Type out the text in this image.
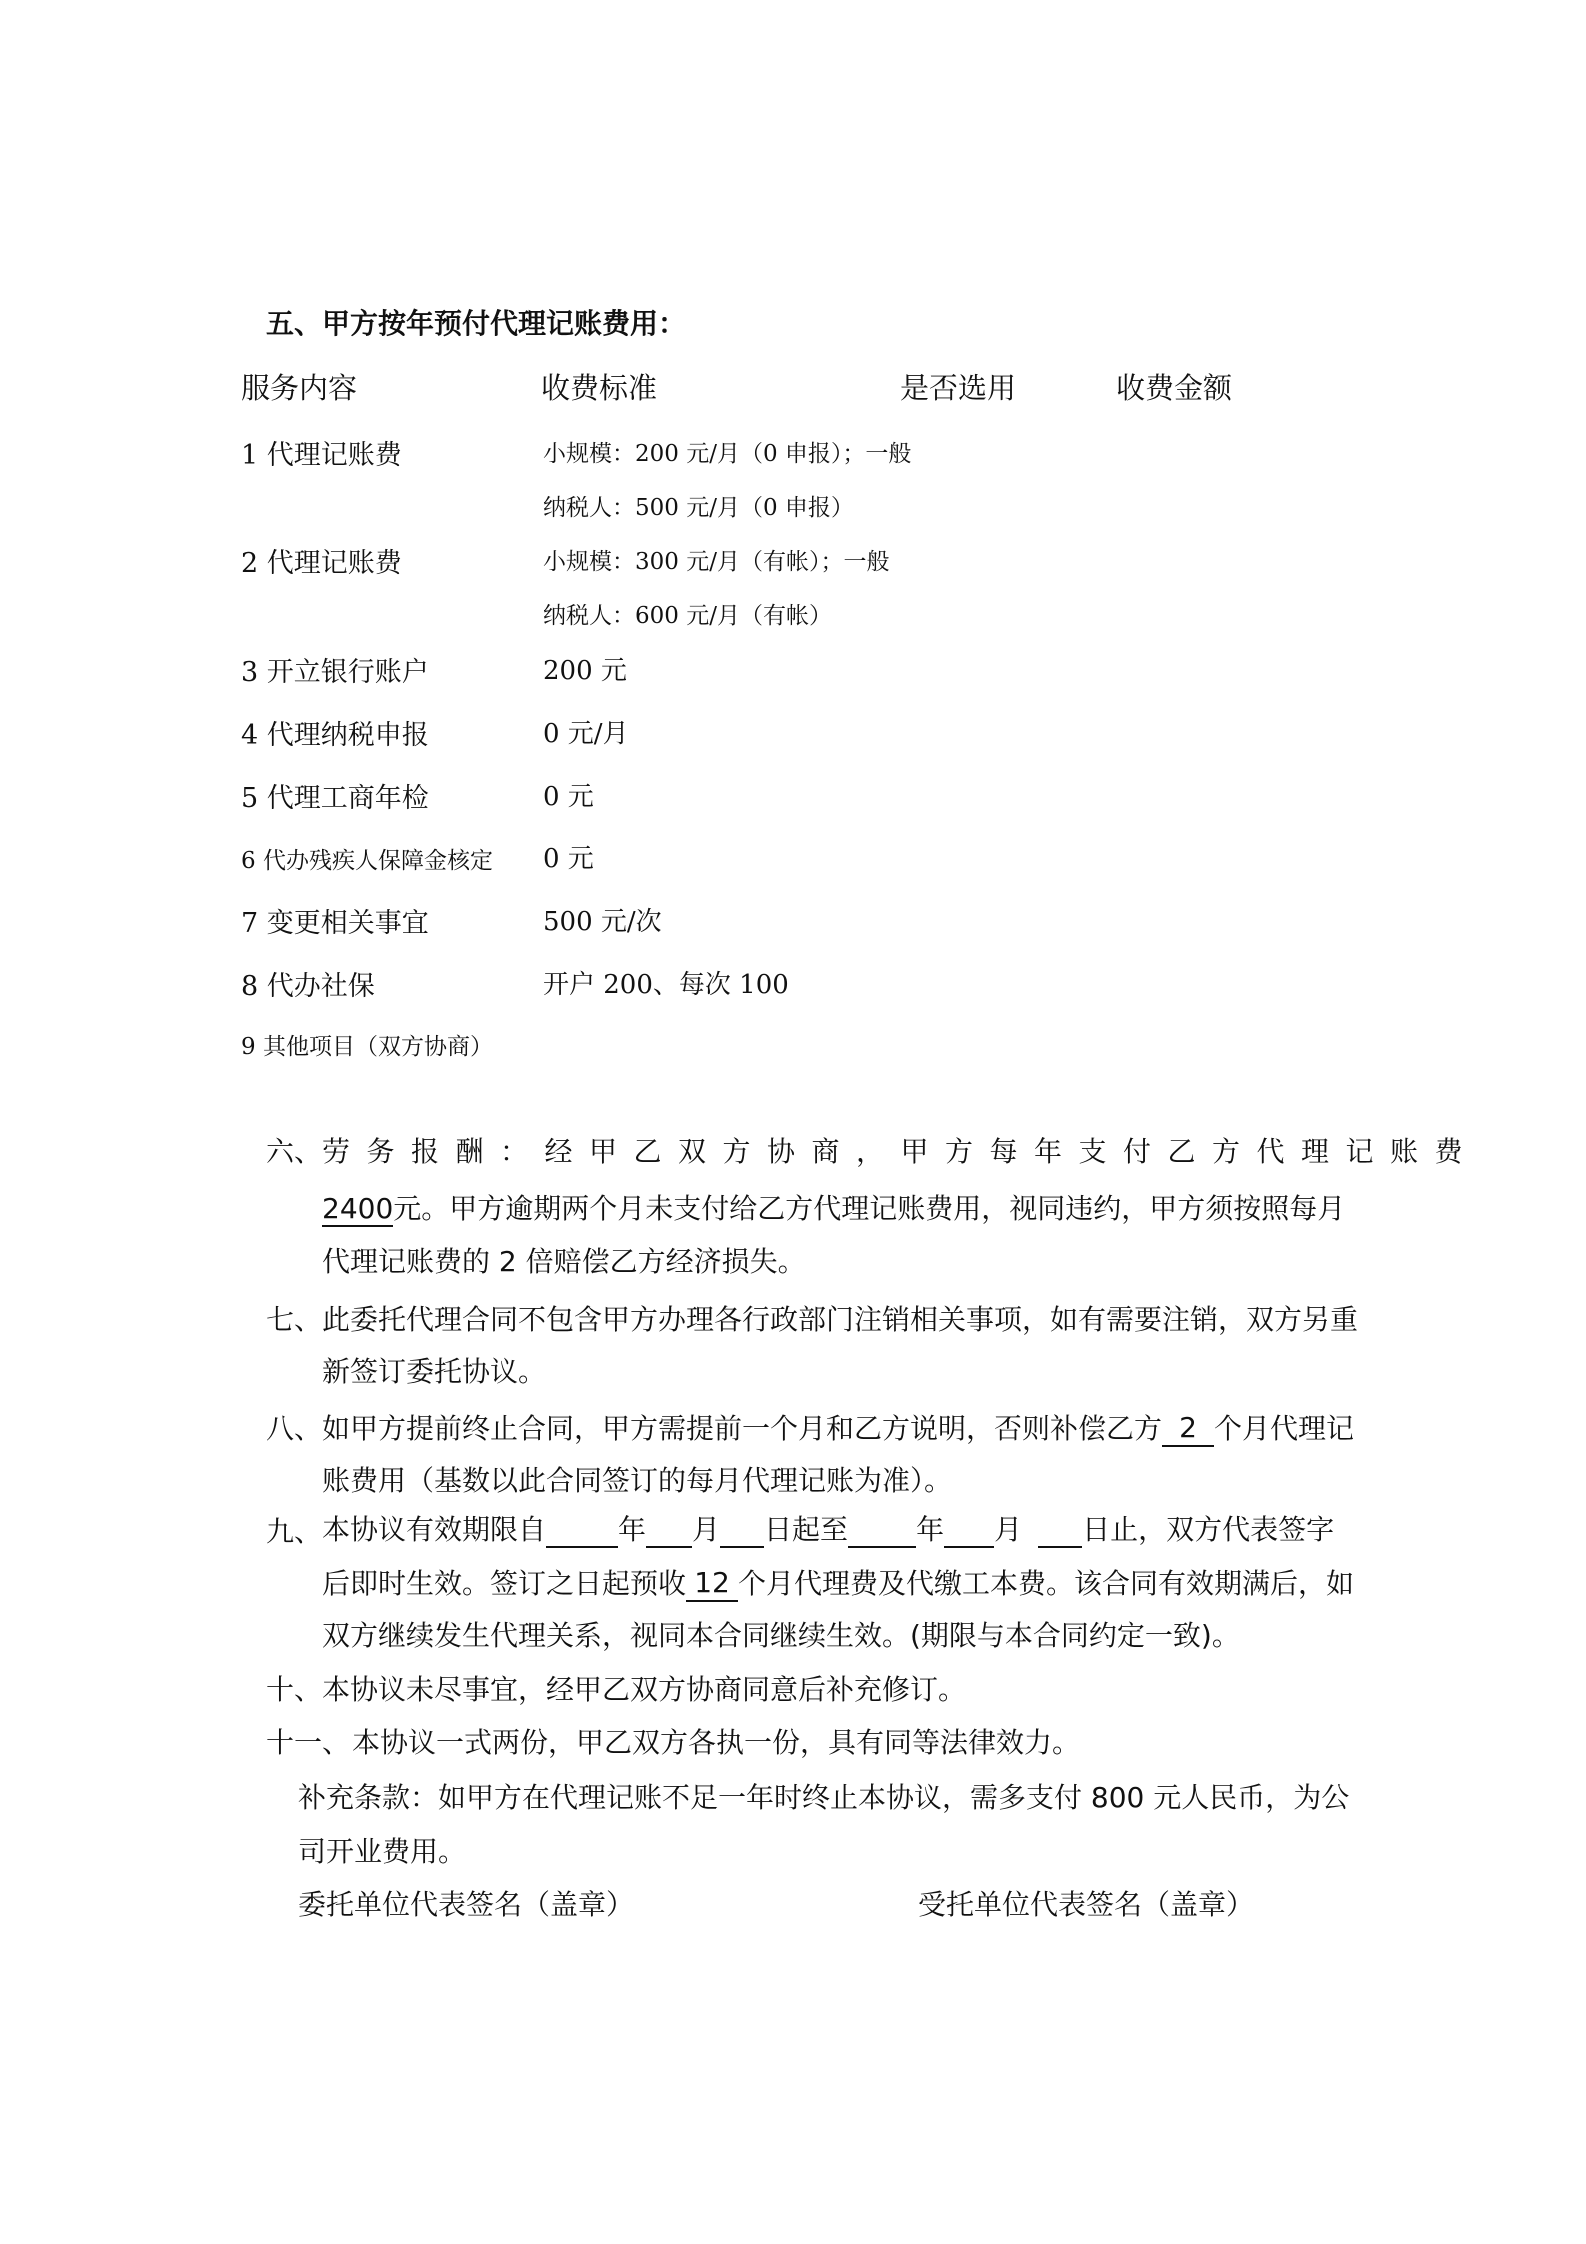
五、甲方按年预付代理记账费用：
服务内容	收费标准	是否选用	收费金额
1 代理记账费	小规模：200 元/月（0 申报）；一般
纳税人：500 元/月（0 申报）
2 代理记账费	小规模：300 元/月（有帐）；一般
纳税人：600 元/月（有帐）
3 开立银行账户	200 元
4 代理纳税申报	0 元/月
5 代理工商年检	0 元
6 代办残疾人保障金核定 0 元
7 变更相关事宜	500 元/次
8 代办社保	开户 200、每次 100
9 其他项目（双方协商）
六、 劳务报酬：经甲乙双方协商，甲方每年支付乙方代理记账费
2400元。甲方逾期两个月未支付给乙方代理记账费用，视同违约，甲方须按照每月
代理记账费的 2 倍赔偿乙方经济损失。
七、 此委托代理合同不包含甲方办理各行政部门注销相关事项，如有需要注销，双方另重
新签订委托协议。
八、 如甲方提前终止合同，甲方需提前一个月和乙方说明，否则补偿乙方 2 个月代理记
账费用（基数以此合同签订的每月代理记账为准）。
九、 本协议有效期限自	年 月 日起至 年 月 日止，双方代表签字
后即时生效。签订之日起预收 12 个月代理费及代缴工本费。该合同有效期满后，如
双方继续发生代理关系，视同本合同继续生效。(期限与本合同约定一致)。
十、 本协议未尽事宜，经甲乙双方协商同意后补充修订。
十一、 本协议一式两份，甲乙双方各执一份，具有同等法律效力。
补充条款：如甲方在代理记账不足一年时终止本协议，需多支付 800 元人民币，为公
司开业费用。
委托单位代表签名（盖章）	受托单位代表签名（盖章）
